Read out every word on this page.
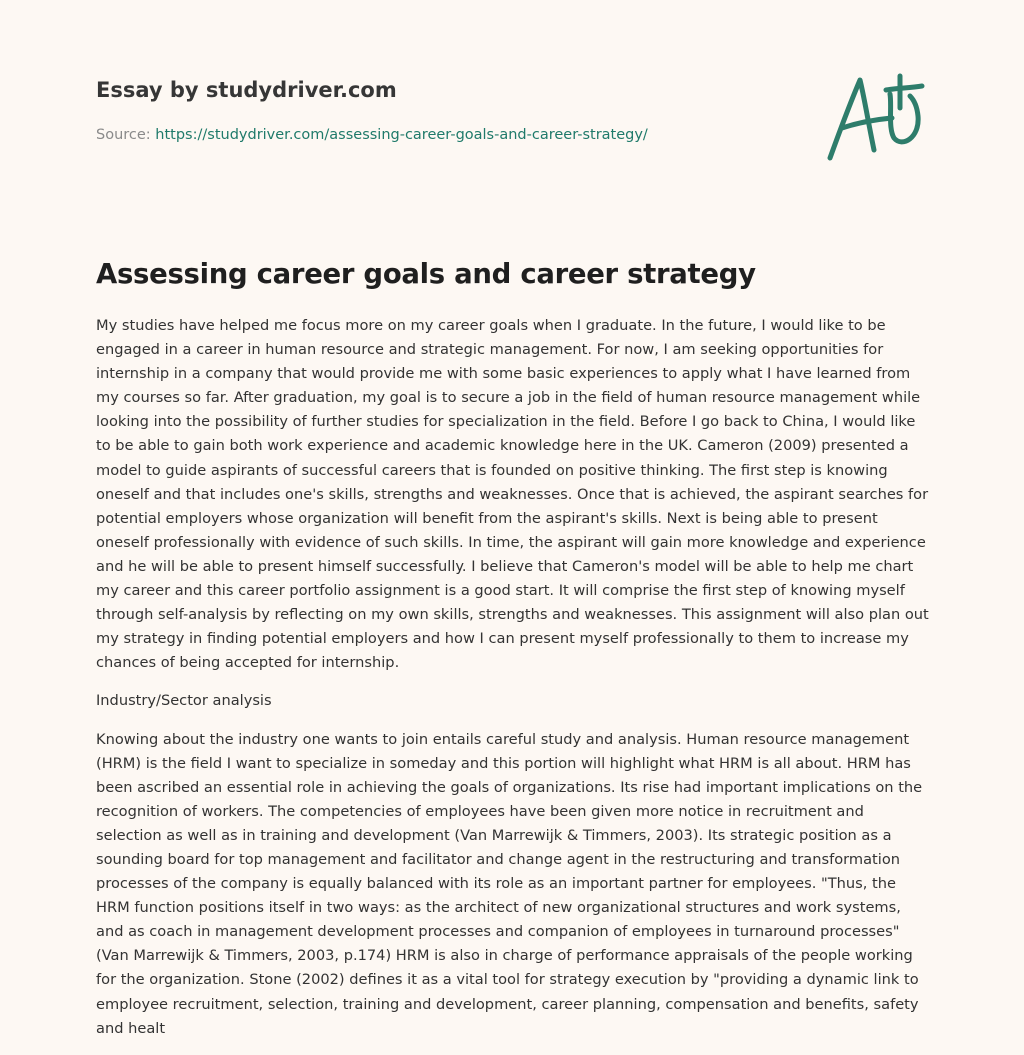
Essay by studydriver.com
Source: https://studydriver.com/assessing-career-goals-and-career-strategy/
Assessing career goals and career strategy

My studies have helped me focus more on my career goals when I graduate. In the future, I would like to be engaged in a career in human resource and strategic management. For now, I am seeking opportunities for internship in a company that would provide me with some basic experiences to apply what I have learned from my courses so far. After graduation, my goal is to secure a job in the field of human resource management while looking into the possibility of further studies for specialization in the field. Before I go back to China, I would like to be able to gain both work experience and academic knowledge here in the UK. Cameron (2009) presented a model to guide aspirants of successful careers that is founded on positive thinking. The first step is knowing oneself and that includes one's skills, strengths and weaknesses. Once that is achieved, the aspirant searches for potential employers whose organization will benefit from the aspirant's skills. Next is being able to present oneself professionally with evidence of such skills. In time, the aspirant will gain more knowledge and experience and he will be able to present himself successfully. I believe that Cameron's model will be able to help me chart my career and this career portfolio assignment is a good start. It will comprise the first step of knowing myself through self-analysis by reflecting on my own skills, strengths and weaknesses. This assignment will also plan out my strategy in finding potential employers and how I can present myself professionally to them to increase my chances of being accepted for internship.

Industry/Sector analysis

Knowing about the industry one wants to join entails careful study and analysis. Human resource management (HRM) is the field I want to specialize in someday and this portion will highlight what HRM is all about. HRM has been ascribed an essential role in achieving the goals of organizations. Its rise had important implications on the recognition of workers. The competencies of employees have been given more notice in recruitment and selection as well as in training and development (Van Marrewijk & Timmers, 2003). Its strategic position as a sounding board for top management and facilitator and change agent in the restructuring and transformation processes of the company is equally balanced with its role as an important partner for employees. "Thus, the HRM function positions itself in two ways: as the architect of new organizational structures and work systems, and as coach in management development processes and companion of employees in turnaround processes" (Van Marrewijk & Timmers, 2003, p.174) HRM is also in charge of performance appraisals of the people working for the organization. Stone (2002) defines it as a vital tool for strategy execution by "providing a dynamic link to employee recruitment, selection, training and development, career planning, compensation and benefits, safety and healt
